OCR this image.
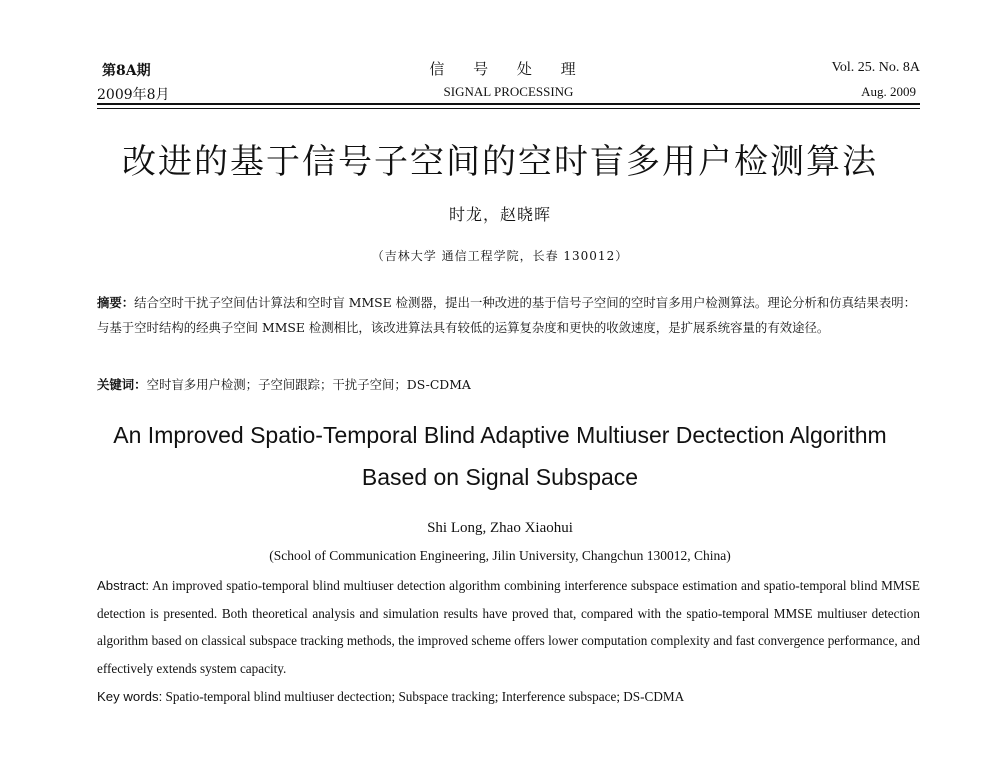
第8A期
2009年8月
信 号 处 理
SIGNAL PROCESSING
Vol. 25. No. 8A
Aug. 2009
改进的基于信号子空间的空时盲多用户检测算法
时龙，赵晓晖
（吉林大学 通信工程学院，长春 130012）

摘要：结合空时干扰子空间估计算法和空时盲 MMSE 检测器，提出一种改进的基于信号子空间的空时盲多用户检测算法。理论分析和仿真结果表明：与基于空时结构的经典子空间 MMSE 检测相比，该改进算法具有较低的运算复杂度和更快的收敛速度，是扩展系统容量的有效途径。

关键词：空时盲多用户检测；子空间跟踪；干扰子空间；DS-CDMA

An Improved Spatio-Temporal Blind Adaptive Multiuser Dectection Algorithm
Based on Signal Subspace
Shi Long, Zhao Xiaohui
(School of Communication Engineering, Jilin University, Changchun 130012, China)

Abstract: An improved spatio-temporal blind multiuser detection algorithm combining interference subspace estimation and spatio-temporal blind MMSE detection is presented. Both theoretical analysis and simulation results have proved that, compared with the spatio-temporal MMSE multiuser detection algorithm based on classical subspace tracking methods, the improved scheme offers lower computation complexity and fast convergence performance, and effectively extends system capacity.

Key words: Spatio-temporal blind multiuser dectection; Subspace tracking; Interference subspace; DS-CDMA
